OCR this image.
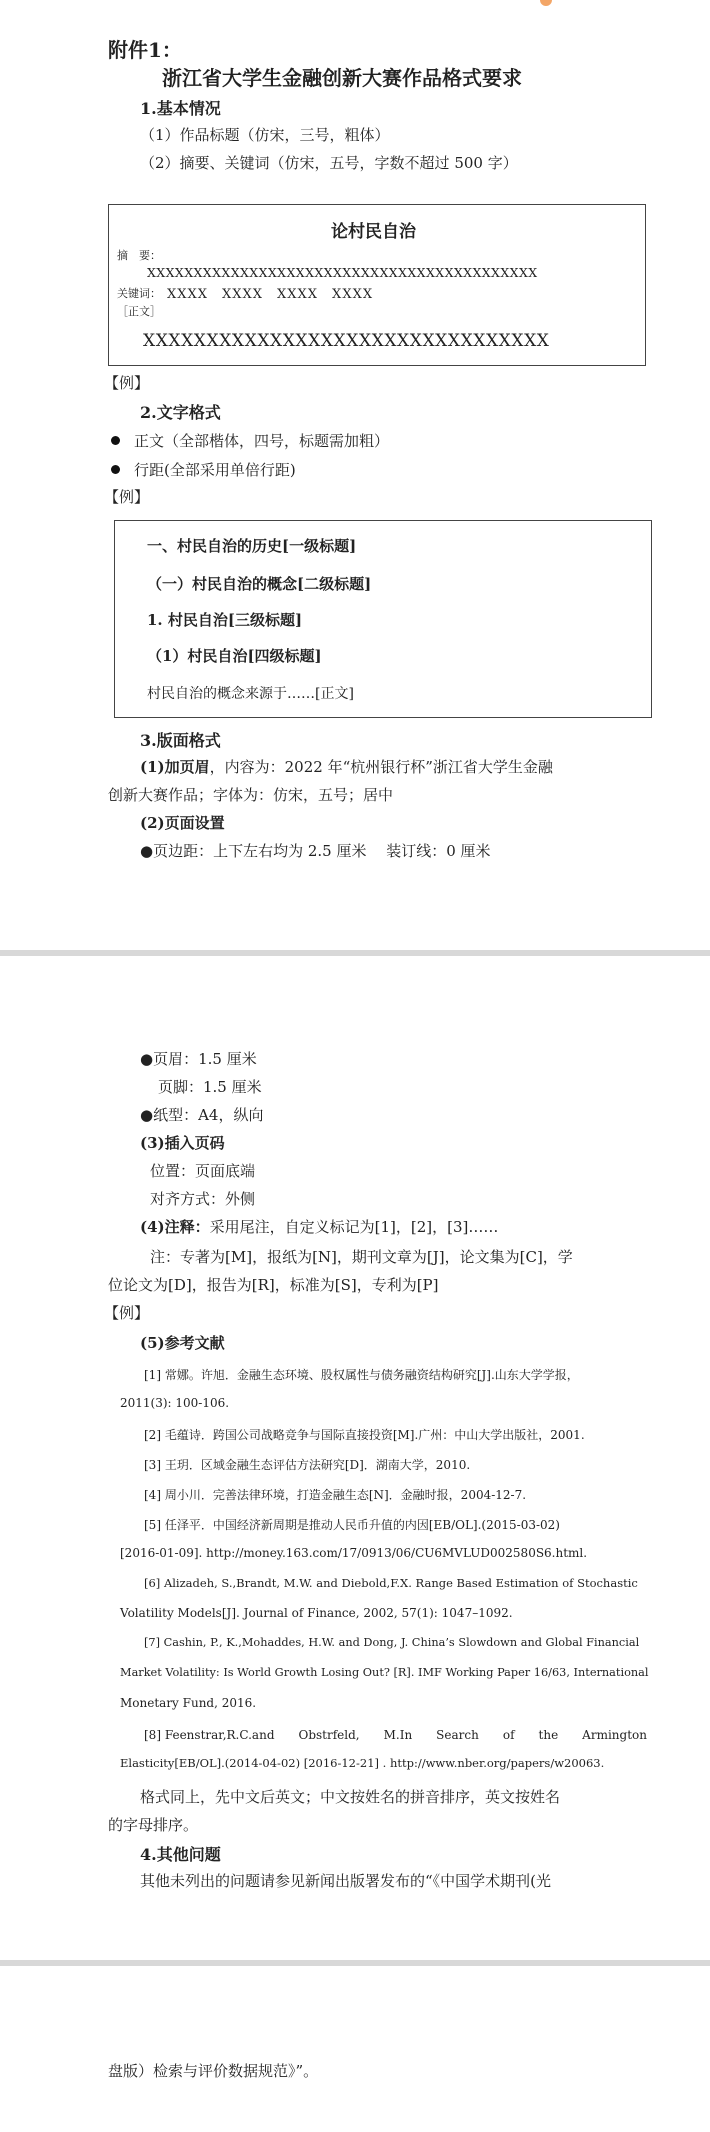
附件1：
浙江省大学生金融创新大赛作品格式要求
1.基本情况
（1）作品标题（仿宋，三号，粗体）
（2）摘要、关键词（仿宋，五号，字数不超过 500 字）
论村民自治
摘　要：
XXXXXXXXXXXXXXXXXXXXXXXXXXXXXXXXXXXXXXXXXX
关键词： XXXX　XXXX　XXXX　XXXX
［正文］
XXXXXXXXXXXXXXXXXXXXXXXXXXXXXXXX
【例】
2.文字格式
正文（全部楷体，四号，标题需加粗）
行距(全部采用单倍行距)
【例】
一、村民自治的历史[一级标题]
（一）村民自治的概念[二级标题]
1. 村民自治[三级标题]
（1）村民自治[四级标题]
村民自治的概念来源于……[正文]
3.版面格式
(1)加页眉，内容为：2022 年“杭州银行杯”浙江省大学生金融
创新大赛作品；字体为：仿宋，五号；居中
(2)页面设置
●页边距：上下左右均为 2.5 厘米　 装订线：0 厘米
●页眉：1.5 厘米
页脚：1.5 厘米
●纸型：A4，纵向
(3)插入页码
位置：页面底端
对齐方式：外侧
(4)注释：采用尾注，自定义标记为[1]，[2]，[3]……
注：专著为[M]，报纸为[N]，期刊文章为[J]，论文集为[C]，学
位论文为[D]，报告为[R]，标准为[S]，专利为[P]
【例】
(5)参考文献
[1] 常娜。许旭．金融生态环境、股权属性与债务融资结构研究[J].山东大学学报，
2011(3): 100-106.
[2] 毛蕴诗．跨国公司战略竞争与国际直接投资[M].广州：中山大学出版社，2001.
[3] 王玥．区域金融生态评估方法研究[D]．湖南大学，2010.
[4] 周小川．完善法律环境，打造金融生态[N]．金融时报，2004-12-7.
[5] 任泽平．中国经济新周期是推动人民币升值的内因[EB/OL].(2015-03-02)
[2016-01-09]. http://money.163.com/17/0913/06/CU6MVLUD002580S6.html.
[6] Alizadeh, S.,Brandt, M.W. and Diebold,F.X. Range Based Estimation of Stochastic
Volatility Models[J]. Journal of Finance, 2002, 57(1): 1047–1092.
[7] Cashin, P., K.,Mohaddes, H.W. and Dong, J. China’s Slowdown and Global Financial
Market Volatility: Is World Growth Losing Out? [R]. IMF Working Paper 16/63, International
Monetary Fund, 2016.
[8] Feenstrar,R.C.and　　Obstrfeld,　　M.In　　Search　　of　　the　　Armington
Elasticity[EB/OL].(2014-04-02) [2016-12-21] . http://www.nber.org/papers/w20063.
格式同上，先中文后英文；中文按姓名的拼音排序，英文按姓名
的字母排序。
4.其他问题
其他未列出的问题请参见新闻出版署发布的“《中国学术期刊(光
盘版）检索与评价数据规范》”。
